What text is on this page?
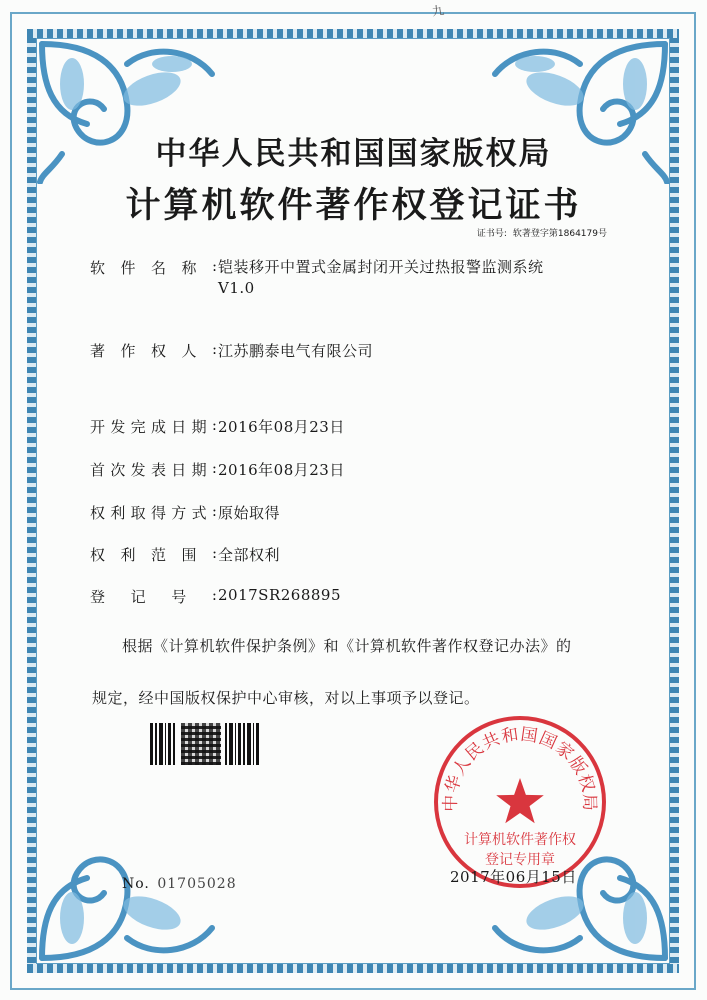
九
中华人民共和国国家版权局
计算机软件著作权登记证书
证书号: 软著登字第1864179号
软 件 名 称 : 铠装移开中置式金属封闭开关过热报警监测系统
V1.0
著 作 权 人 : 江苏鹏泰电气有限公司
开 发 完 成 日 期 : 2016年08月23日
首 次 发 表 日 期 : 2016年08月23日
权 利 取 得 方 式 : 原始取得
权 利 范 围 : 全部权利
登 记 号 : 2017SR268895
根据《计算机软件保护条例》和《计算机软件著作权登记办法》的
规定，经中国版权保护中心审核，对以上事项予以登记。
中华人民共和国国家版权局
计算机软件著作权
登记专用章
No. 01705028	2017年06月15日
